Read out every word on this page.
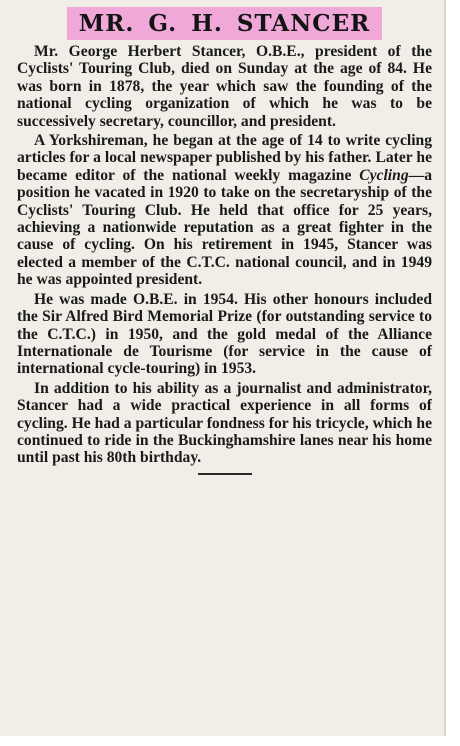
MR. G. H. STANCER

Mr. George Herbert Stancer, O.B.E., president of the Cyclists' Touring Club, died on Sunday at the age of 84. He was born in 1878, the year which saw the founding of the national cycling organization of which he was to be successively secretary, councillor, and president.

A Yorkshireman, he began at the age of 14 to write cycling articles for a local newspaper published by his father. Later he became editor of the national weekly magazine Cycling—a position he vacated in 1920 to take on the secretaryship of the Cyclists' Touring Club. He held that office for 25 years, achieving a nationwide reputation as a great fighter in the cause of cycling. On his retirement in 1945, Stancer was elected a member of the C.T.C. national council, and in 1949 he was appointed president.

He was made O.B.E. in 1954. His other honours included the Sir Alfred Bird Memorial Prize (for outstanding service to the C.T.C.) in 1950, and the gold medal of the Alliance Internationale de Tourisme (for service in the cause of international cycle-touring) in 1953.

In addition to his ability as a journalist and administrator, Stancer had a wide practical experience in all forms of cycling. He had a particular fondness for his tricycle, which he continued to ride in the Buckinghamshire lanes near his home until past his 80th birthday.
